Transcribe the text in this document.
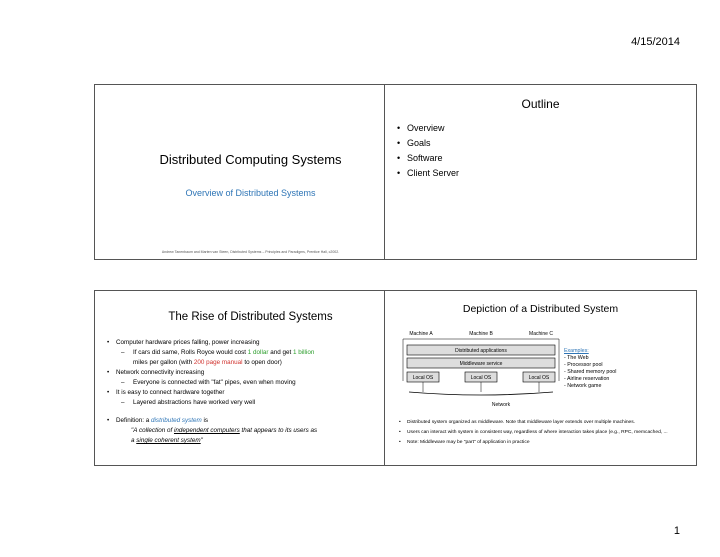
4/15/2014
Distributed Computing Systems
Overview of Distributed Systems
Andrew Tanenbaum and Marten van Steen, Distributed Systems – Principles and Paradigms, Prentice Hall, c2002.
Outline
• Overview
• Goals
• Software
• Client Server
The Rise of Distributed Systems
• Computer hardware prices falling, power increasing
– If cars did same, Rolls Royce would cost 1 dollar and get 1 billion
miles per gallon (with 200 page manual to open door)
• Network connectivity increasing
– Everyone is connected with "fat" pipes, even when moving
• It is easy to connect hardware together
– Layered abstractions have worked very well
• Definition: a distributed system is
"A collection of independent computers that appears to its users as
a single coherent system"
Depiction of a Distributed System
Machine A	Machine B	Machine C
Distributed applications
Middleware service
Local OS	Local OS	Local OS
Network
Examples:
- The Web
- Processor pool
- Shared memory pool
- Airline reservation
- Network game
• Distributed system organized as middleware. Note that middleware layer extends over multiple machines.
• Users can interact with system in consistent way, regardless of where interaction takes place (e.g., RPC, memcached, ...
• Note: Middleware may be "part" of application in practice
1
